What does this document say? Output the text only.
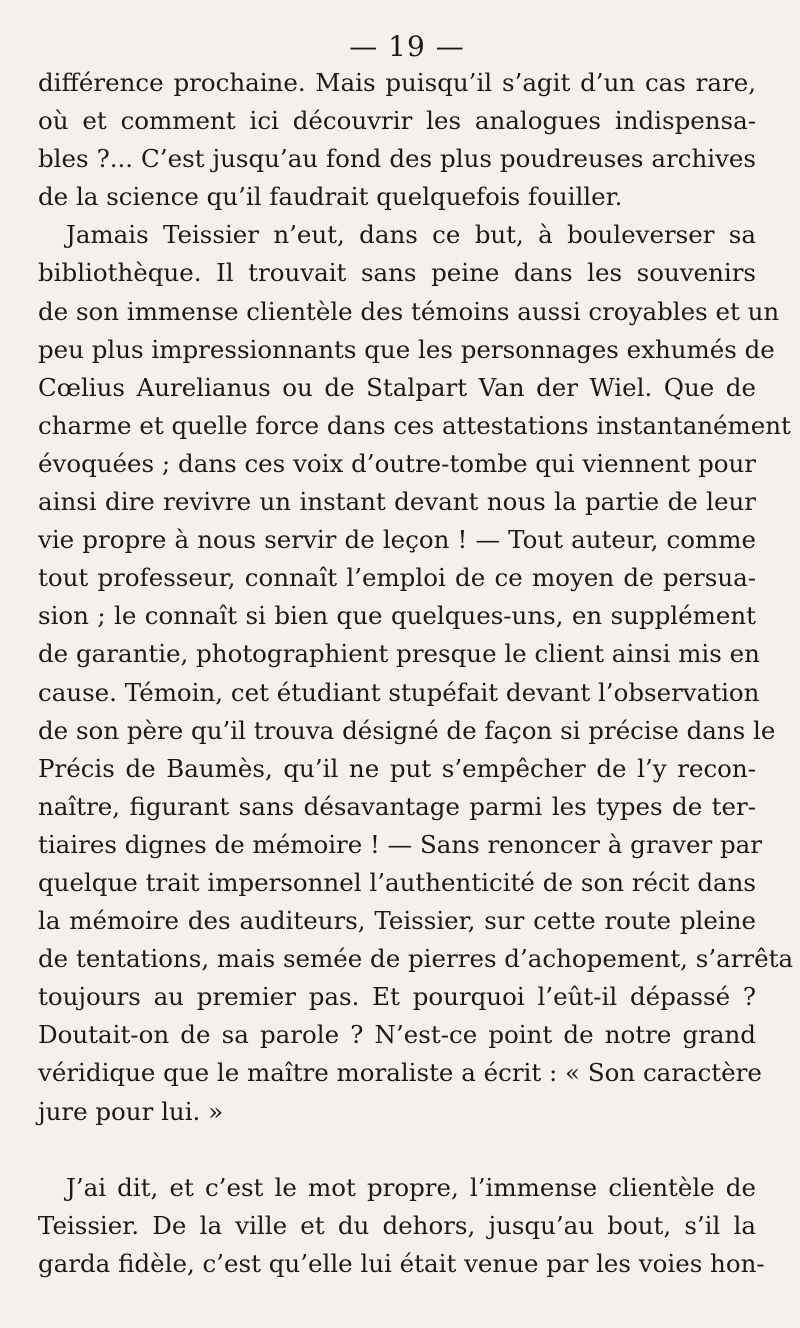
— 19 —
différence prochaine. Mais puisqu’il s’agit d’un cas rare,
où et comment ici découvrir les analogues indispensa-
bles ?... C’est jusqu’au fond des plus poudreuses archives
de la science qu’il faudrait quelquefois fouiller.
Jamais Teissier n’eut, dans ce but, à bouleverser sa
bibliothèque. Il trouvait sans peine dans les souvenirs
de son immense clientèle des témoins aussi croyables et un
peu plus impressionnants que les personnages exhumés de
Cœlius Aurelianus ou de Stalpart Van der Wiel. Que de
charme et quelle force dans ces attestations instantanément
évoquées ; dans ces voix d’outre-tombe qui viennent pour
ainsi dire revivre un instant devant nous la partie de leur
vie propre à nous servir de leçon ! — Tout auteur, comme
tout professeur, connaît l’emploi de ce moyen de persua-
sion ; le connaît si bien que quelques-uns, en supplément
de garantie, photographient presque le client ainsi mis en
cause. Témoin, cet étudiant stupéfait devant l’observation
de son père qu’il trouva désigné de façon si précise dans le
Précis de Baumès, qu’il ne put s’empêcher de l’y recon-
naître, figurant sans désavantage parmi les types de ter-
tiaires dignes de mémoire ! — Sans renoncer à graver par
quelque trait impersonnel l’authenticité de son récit dans
la mémoire des auditeurs, Teissier, sur cette route pleine
de tentations, mais semée de pierres d’achopement, s’arrêta
toujours au premier pas. Et pourquoi l’eût-il dépassé ?
Doutait-on de sa parole ? N’est-ce point de notre grand
véridique que le maître moraliste a écrit : « Son caractère
jure pour lui. »
J’ai dit, et c’est le mot propre, l’immense clientèle de
Teissier. De la ville et du dehors, jusqu’au bout, s’il la
garda fidèle, c’est qu’elle lui était venue par les voies hon-
